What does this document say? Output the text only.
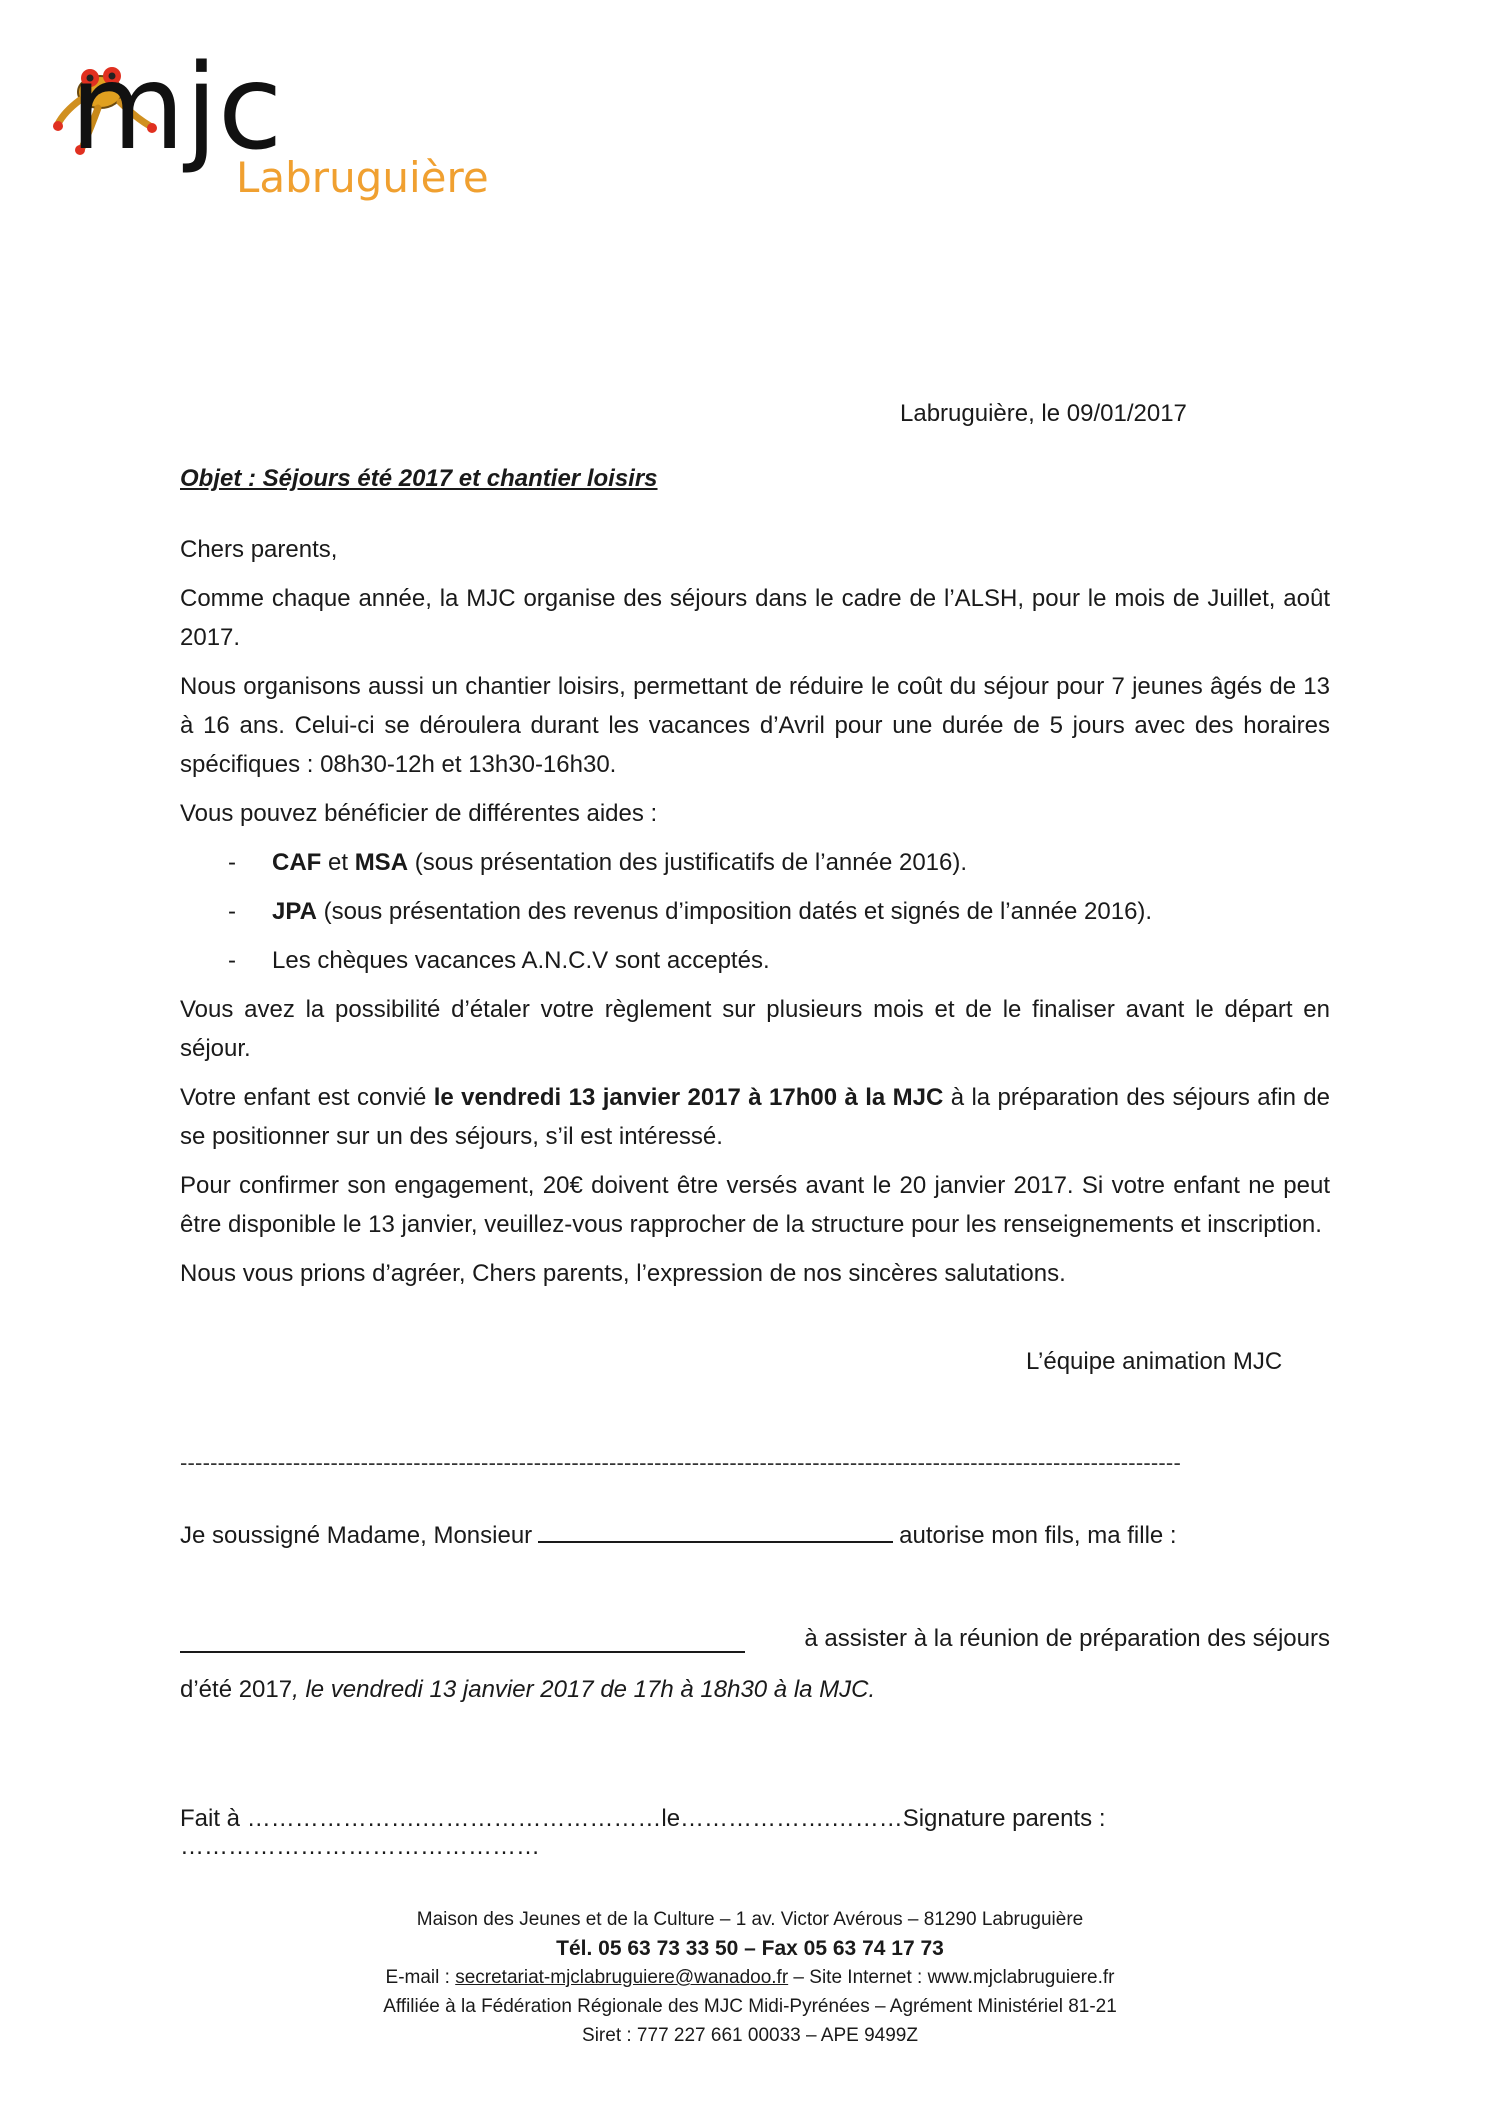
mjc
Labruguière
Labruguière, le 09/01/2017
Objet : Séjours été 2017 et chantier loisirs

Chers parents,

Comme chaque année, la MJC organise des séjours dans le cadre de l’ALSH, pour le mois de Juillet, août 2017.

Nous organisons aussi un chantier loisirs, permettant de réduire le coût du séjour pour 7 jeunes âgés de 13 à 16 ans. Celui-ci se déroulera durant les vacances d’Avril pour une durée de 5 jours avec des horaires spécifiques : 08h30-12h et 13h30-16h30.

Vous pouvez bénéficier de différentes aides :

- CAF et MSA (sous présentation des justificatifs de l’année 2016).
- JPA (sous présentation des revenus d’imposition datés et signés de l’année 2016).
- Les chèques vacances A.N.C.V sont acceptés.

Vous avez la possibilité d’étaler votre règlement sur plusieurs mois et de le finaliser avant le départ en séjour.

Votre enfant est convié le vendredi 13 janvier 2017 à 17h00 à la MJC à la préparation des séjours afin de se positionner sur un des séjours, s’il est intéressé.

Pour confirmer son engagement, 20€ doivent être versés avant le 20 janvier 2017. Si votre enfant ne peut être disponible le 13 janvier, veuillez-vous rapprocher de la structure pour les renseignements et inscription.

Nous vous prions d’agréer, Chers parents, l’expression de nos sincères salutations.

L’équipe animation MJC
-------------------------------------------------------------------------------------------------------------------------------------
Je soussigné Madame, Monsieur	autorise mon fils, ma fille :
à assister à la réunion de préparation des séjours
d’été 2017, le vendredi 13 janvier 2017 de 17h à 18h30 à la MJC.
Fait à ………………….…………………………le……………….………Signature parents : ………………………………………
Maison des Jeunes et de la Culture – 1 av. Victor Avérous – 81290 Labruguière
Tél. 05 63 73 33 50 – Fax 05 63 74 17 73
E-mail : secretariat-mjclabruguiere@wanadoo.fr – Site Internet : www.mjclabruguiere.fr
Affiliée à la Fédération Régionale des MJC Midi-Pyrénées – Agrément Ministériel 81-21
Siret : 777 227 661 00033 – APE 9499Z
